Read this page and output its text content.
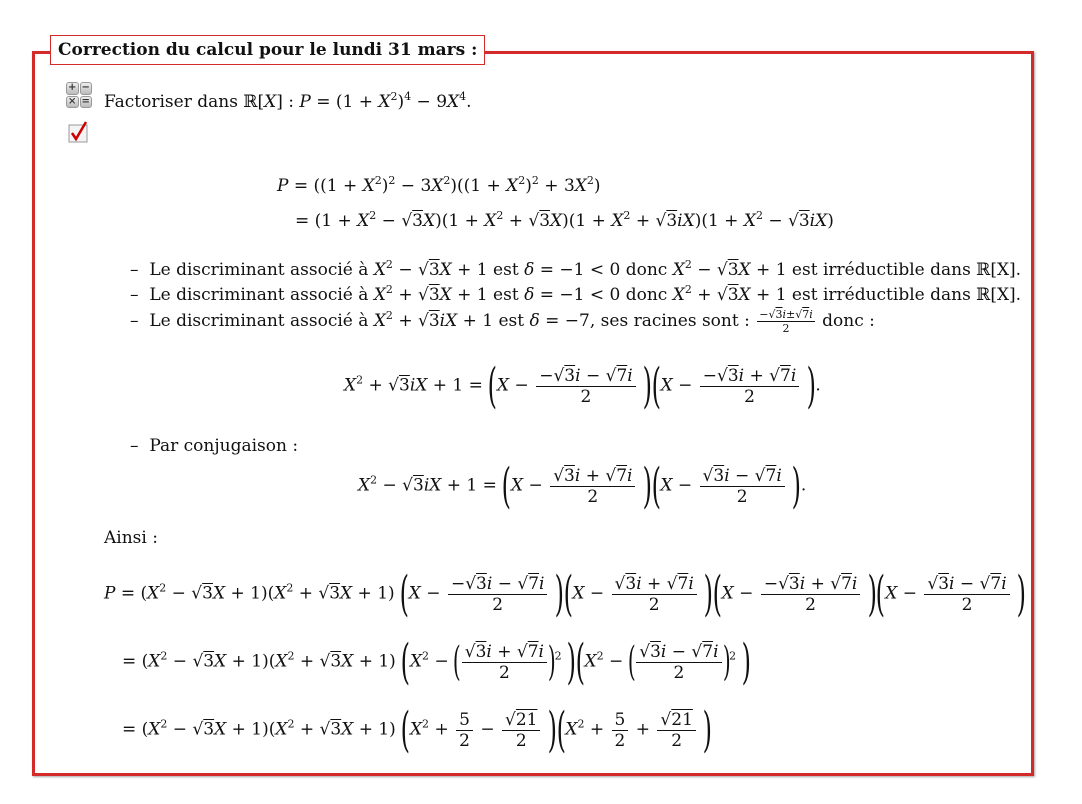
Correction du calcul pour le lundi 31 mars :
+ −
× = Factoriser dans ℝ[X] : $P = (1 + X^2)^4 - 9X^4$.
$P = ((1 + X^2)^2 - 3X^2)((1 + X^2)^2 + 3X^2)$
= $(1 + X^2 - √3X)(1 + X^2 + √3X)(1 + X^2 + √3iX)(1 + X^2 - √3iX)$
–  Le discriminant associé à $X^2 - √3X + 1$ est δ = −1 < 0 donc $X^2 - √3X + 1$ est irréductible dans ℝ[X].
–  Le discriminant associé à $X^2 + √3X + 1$ est δ = −1 < 0 donc $X^2 + √3X + 1$ est irréductible dans ℝ[X].
–  Le discriminant associé à $X^2 + √3iX + 1$ est δ = −7, ses racines sont : $\frac{-√3i\pm√7i}{2}$ donc :
$X^2 + √3iX + 1 = (X - \frac{-√3i - √7i}{2} )(X - \frac{-√3i + √7i}{2}$ ).
–  Par conjugaison :
$X^2 - √3iX + 1 = (X - \frac{√3i + √7i}{2} )(X - \frac{√3i - √7i}{2}$ ).
Ainsi :
$P = (X^2 - √3X + 1)(X^2 + √3X + 1) (X - \frac{-√3i - √7i}{2} )(X - \frac{√3i + √7i}{2} )(X - \frac{-√3i + √7i}{2} )(X - \frac{√3i - √7i}{2}$ )
= $(X^2 - √3X + 1)(X^2 + √3X + 1) (X^2$ − ( $\frac{√3i + √7i}{2} )^2$ )($X^2$ − ( $\frac{√3i - √7i}{2} )^2$ )
= $(X^2 - √3X + 1)(X^2 + √3X + 1) (X^2 + \frac{5}{2} - \frac{√21}{2} )(X^2 + \frac{5}{2} + \frac{√21}{2}$ )
